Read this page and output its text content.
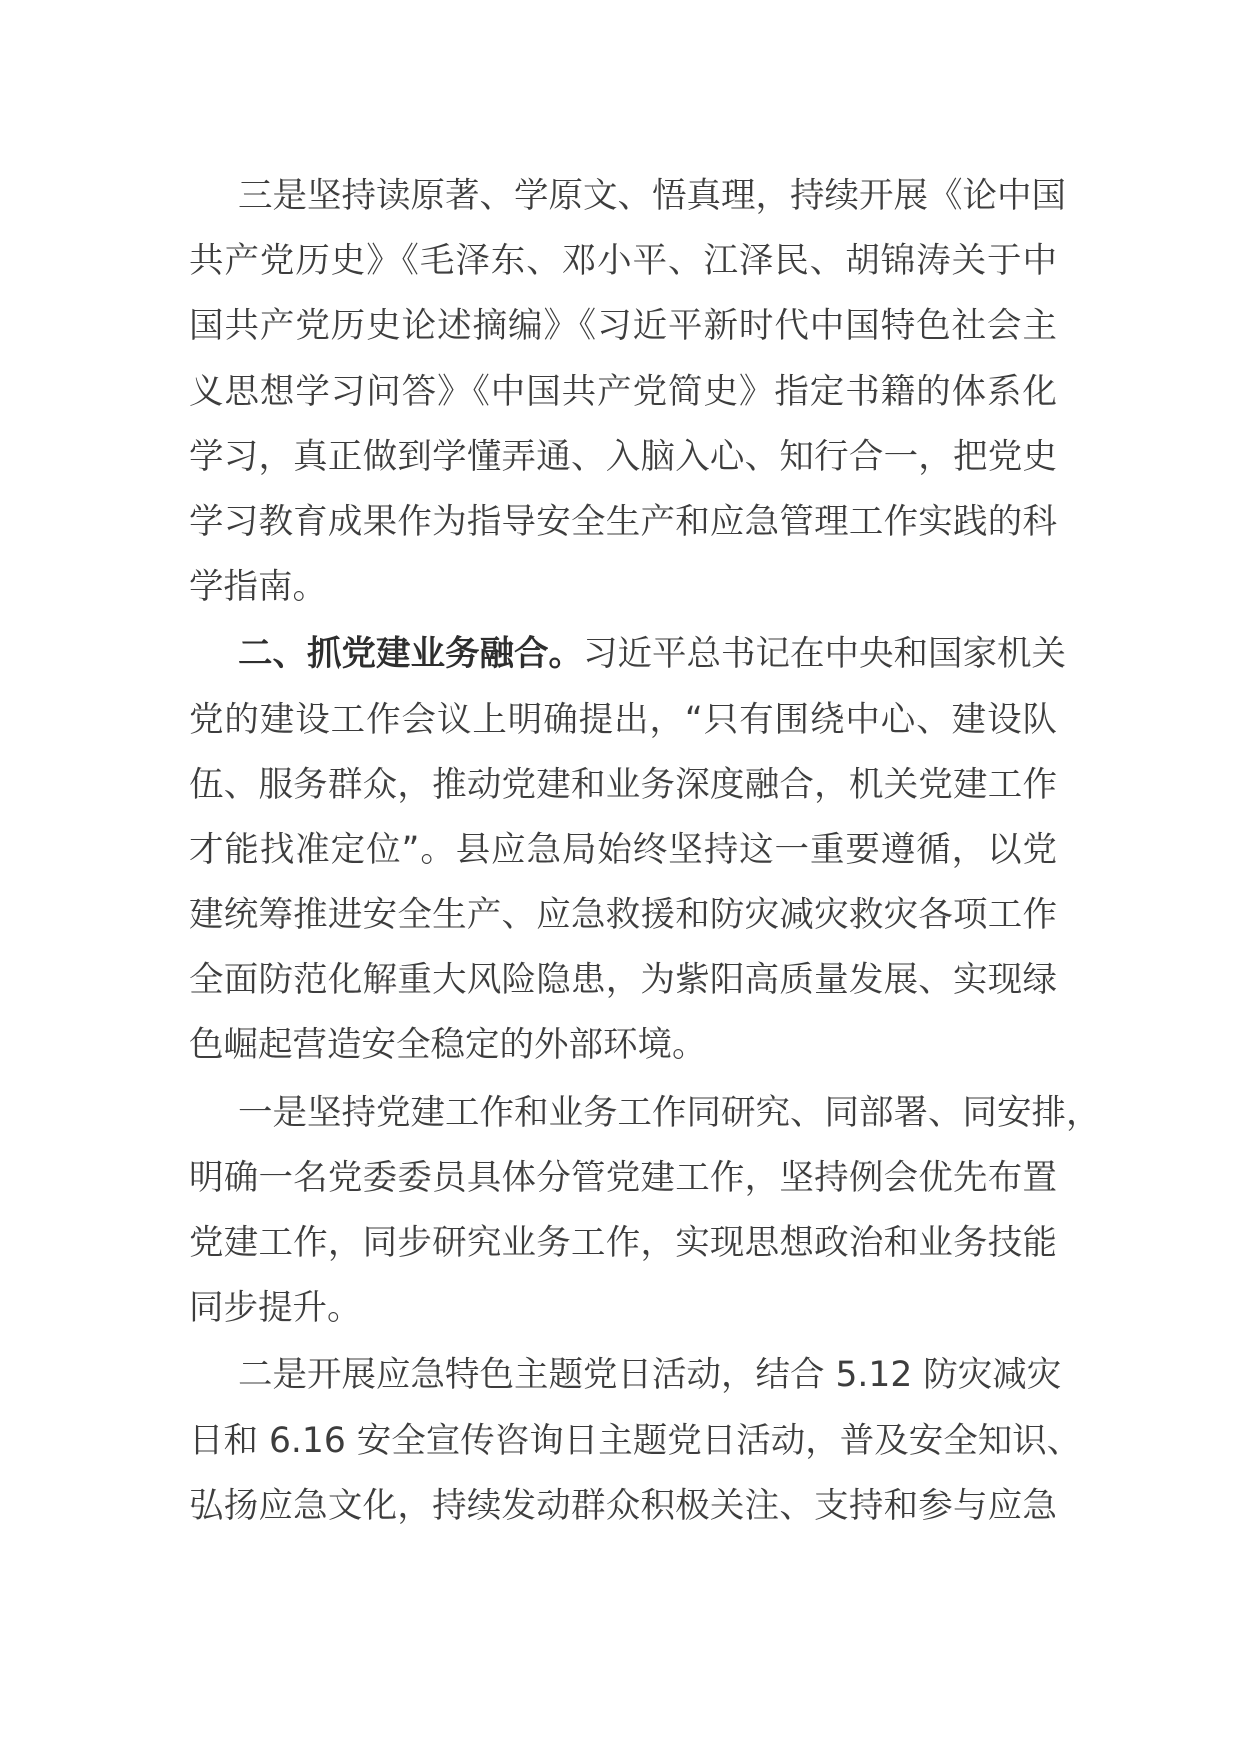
三是坚持读原著、学原文、悟真理，持续开展《论中国
共产党历史》《毛泽东、邓小平、江泽民、胡锦涛关于中
国共产党历史论述摘编》《习近平新时代中国特色社会主
义思想学习问答》《中国共产党简史》指定书籍的体系化
学习，真正做到学懂弄通、入脑入心、知行合一，把党史
学习教育成果作为指导安全生产和应急管理工作实践的科
学指南。
二、抓党建业务融合。习近平总书记在中央和国家机关
党的建设工作会议上明确提出，“只有围绕中心、建设队
伍、服务群众，推动党建和业务深度融合，机关党建工作
才能找准定位”。县应急局始终坚持这一重要遵循，以党
建统筹推进安全生产、应急救援和防灾减灾救灾各项工作
全面防范化解重大风险隐患，为紫阳高质量发展、实现绿
色崛起营造安全稳定的外部环境。
一是坚持党建工作和业务工作同研究、同部署、同安排，
明确一名党委委员具体分管党建工作，坚持例会优先布置
党建工作，同步研究业务工作，实现思想政治和业务技能
同步提升。
二是开展应急特色主题党日活动，结合 5.12 防灾减灾
日和 6.16 安全宣传咨询日主题党日活动，普及安全知识、
弘扬应急文化，持续发动群众积极关注、支持和参与应急
